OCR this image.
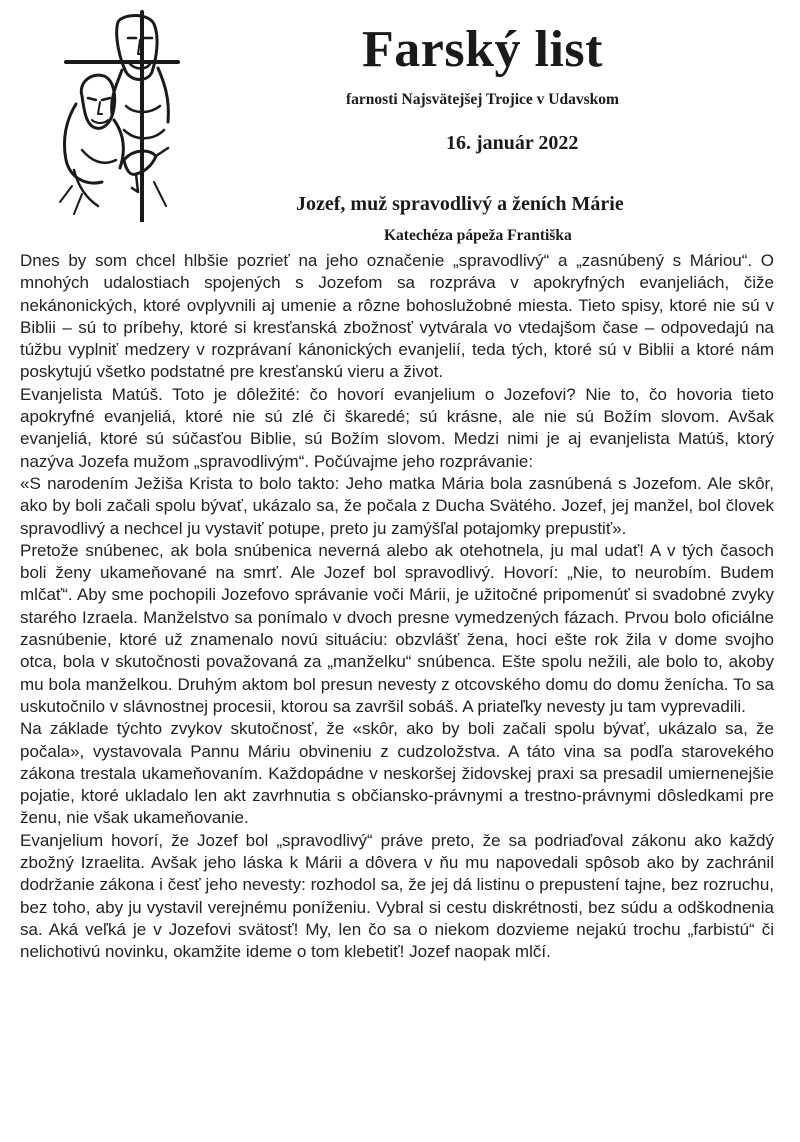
Farský list
farnosti Najsvätejšej Trojice v Udavskom
16. január 2022
Jozef, muž spravodlivý a ženích Márie
Katechéza pápeža Františka

Dnes by som chcel hlbšie pozrieť na jeho označenie „spravodlivý“ a „zasnúbený s Máriou“. O mnohých udalostiach spojených s Jozefom sa rozpráva v apokryfných evanjeliách, čiže nekánonických, ktoré ovplyvnili aj umenie a rôzne bohoslužobné miesta. Tieto spisy, ktoré nie sú v Biblii – sú to príbehy, ktoré si kresťanská zbožnosť vytvárala vo vtedajšom čase – odpovedajú na túžbu vyplniť medzery v rozprávaní kánonických evanjelií, teda tých, ktoré sú v Biblii a ktoré nám poskytujú všetko podstatné pre kresťanskú vieru a život.

Evanjelista Matúš. Toto je dôležité: čo hovorí evanjelium o Jozefovi? Nie to, čo hovoria tieto apokryfné evanjeliá, ktoré nie sú zlé či škaredé; sú krásne, ale nie sú Božím slovom. Avšak evanjeliá, ktoré sú súčasťou Biblie, sú Božím slovom. Medzi nimi je aj evanjelista Matúš, ktorý nazýva Jozefa mužom „spravodlivým“. Počúvajme jeho rozprávanie:

«S narodením Ježiša Krista to bolo takto: Jeho matka Mária bola zasnúbená s Jozefom. Ale skôr, ako by boli začali spolu bývať, ukázalo sa, že počala z Ducha Svätého. Jozef, jej manžel, bol človek spravodlivý a nechcel ju vystaviť potupe, preto ju zamýšľal potajomky prepustiť».

Pretože snúbenec, ak bola snúbenica neverná alebo ak otehotnela, ju mal udať! A v tých časoch boli ženy ukameňované na smrť. Ale Jozef bol spravodlivý. Hovorí: „Nie, to neurobím. Budem mlčať“. Aby sme pochopili Jozefovo správanie voči Márii, je užitočné pripomenúť si svadobné zvyky starého Izraela. Manželstvo sa ponímalo v dvoch presne vymedzených fázach. Prvou bolo oficiálne zasnúbenie, ktoré už znamenalo novú situáciu: obzvlášť žena, hoci ešte rok žila v dome svojho otca, bola v skutočnosti považovaná za „manželku“ snúbenca. Ešte spolu nežili, ale bolo to, akoby mu bola manželkou. Druhým aktom bol presun nevesty z otcovského domu do domu ženícha. To sa uskutočnilo v slávnostnej procesii, ktorou sa završil sobáš. A priateľky nevesty ju tam vyprevadili.

Na základe týchto zvykov skutočnosť, že «skôr, ako by boli začali spolu bývať, ukázalo sa, že počala», vystavovala Pannu Máriu obvineniu z cudzoložstva. A táto vina sa podľa starovekého zákona trestala ukameňovaním. Každopádne v neskoršej židovskej praxi sa presadil umiernenejšie pojatie, ktoré ukladalo len akt zavrhnutia s občiansko-právnymi a trestno-právnymi dôsledkami pre ženu, nie však ukameňovanie.

Evanjelium hovorí, že Jozef bol „spravodlivý“ práve preto, že sa podriaďoval zákonu ako každý zbožný Izraelita. Avšak jeho láska k Márii a dôvera v ňu mu napovedali spôsob ako by zachránil dodržanie zákona i česť jeho nevesty: rozhodol sa, že jej dá listinu o prepustení tajne, bez rozruchu, bez toho, aby ju vystavil verejnému poníženiu. Vybral si cestu diskrétnosti, bez súdu a odškodnenia sa. Aká veľká je v Jozefovi svätosť! My, len čo sa o niekom dozvieme nejakú trochu „farbistú“ či nelichotivú novinku, okamžite ideme o tom klebetiť! Jozef naopak mlčí.
